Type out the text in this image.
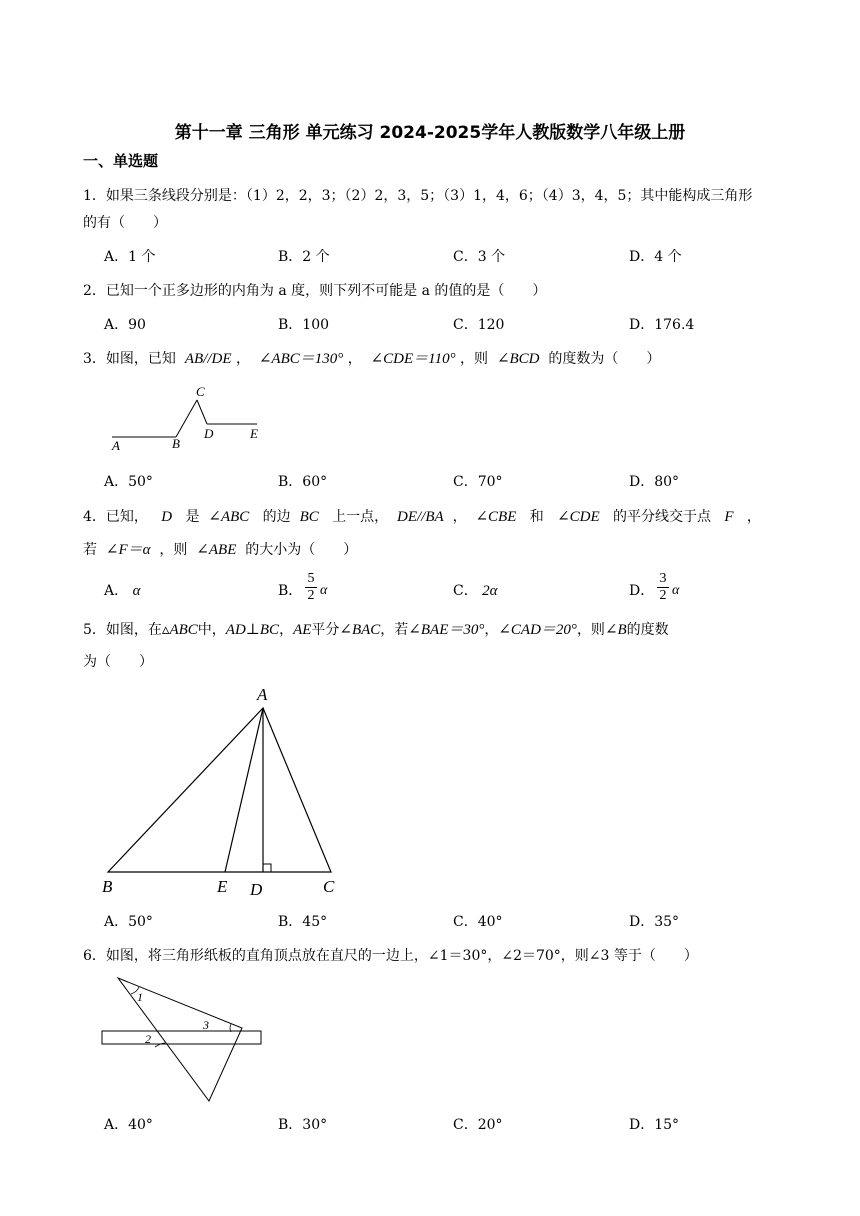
第十一章 三角形 单元练习 2024-2025学年人教版数学八年级上册
一、单选题
1．如果三条线段分别是：（1）2，2，3；（2）2，3，5；（3）1，4，6；（4）3，4，5；其中能构成三角形
的有（　　）
A．1 个	B．2 个	C．3 个	D．4 个
2．已知一个正多边形的内角为 a 度，则下列不可能是 a 的值的是（　　）
A．90	B．100	C．120	D．176.4
3．如图，已知 AB//DE ， ∠ABC＝130° ， ∠CDE＝110° ，则 ∠BCD 的度数为（　　）
A	B
C
D	E
A．50°	B．60°	C．70°	D．80°
4．已知， D 是 ∠ABC 的边 BC 上一点， DE//BA ， ∠CBE 和 ∠CDE 的平分线交于点 F ，
若 ∠F＝α ，则 ∠ABE 的大小为（　　）
A． α	B．
5
2 α	C． 2α	D．
3
2 α
5．如图，在▵ABC中，AD⊥BC，AE平分∠BAC，若∠BAE＝30°，∠CAD＝20°，则∠B的度数
为（　　）
A
B	E D	C
A．50°	B．45°	C．40°	D．35°
6．如图，将三角形纸板的直角顶点放在直尺的一边上，∠1＝30°，∠2＝70°，则∠3 等于（　　）
1
2
3
A．40°	B．30°	C．20°	D．15°
